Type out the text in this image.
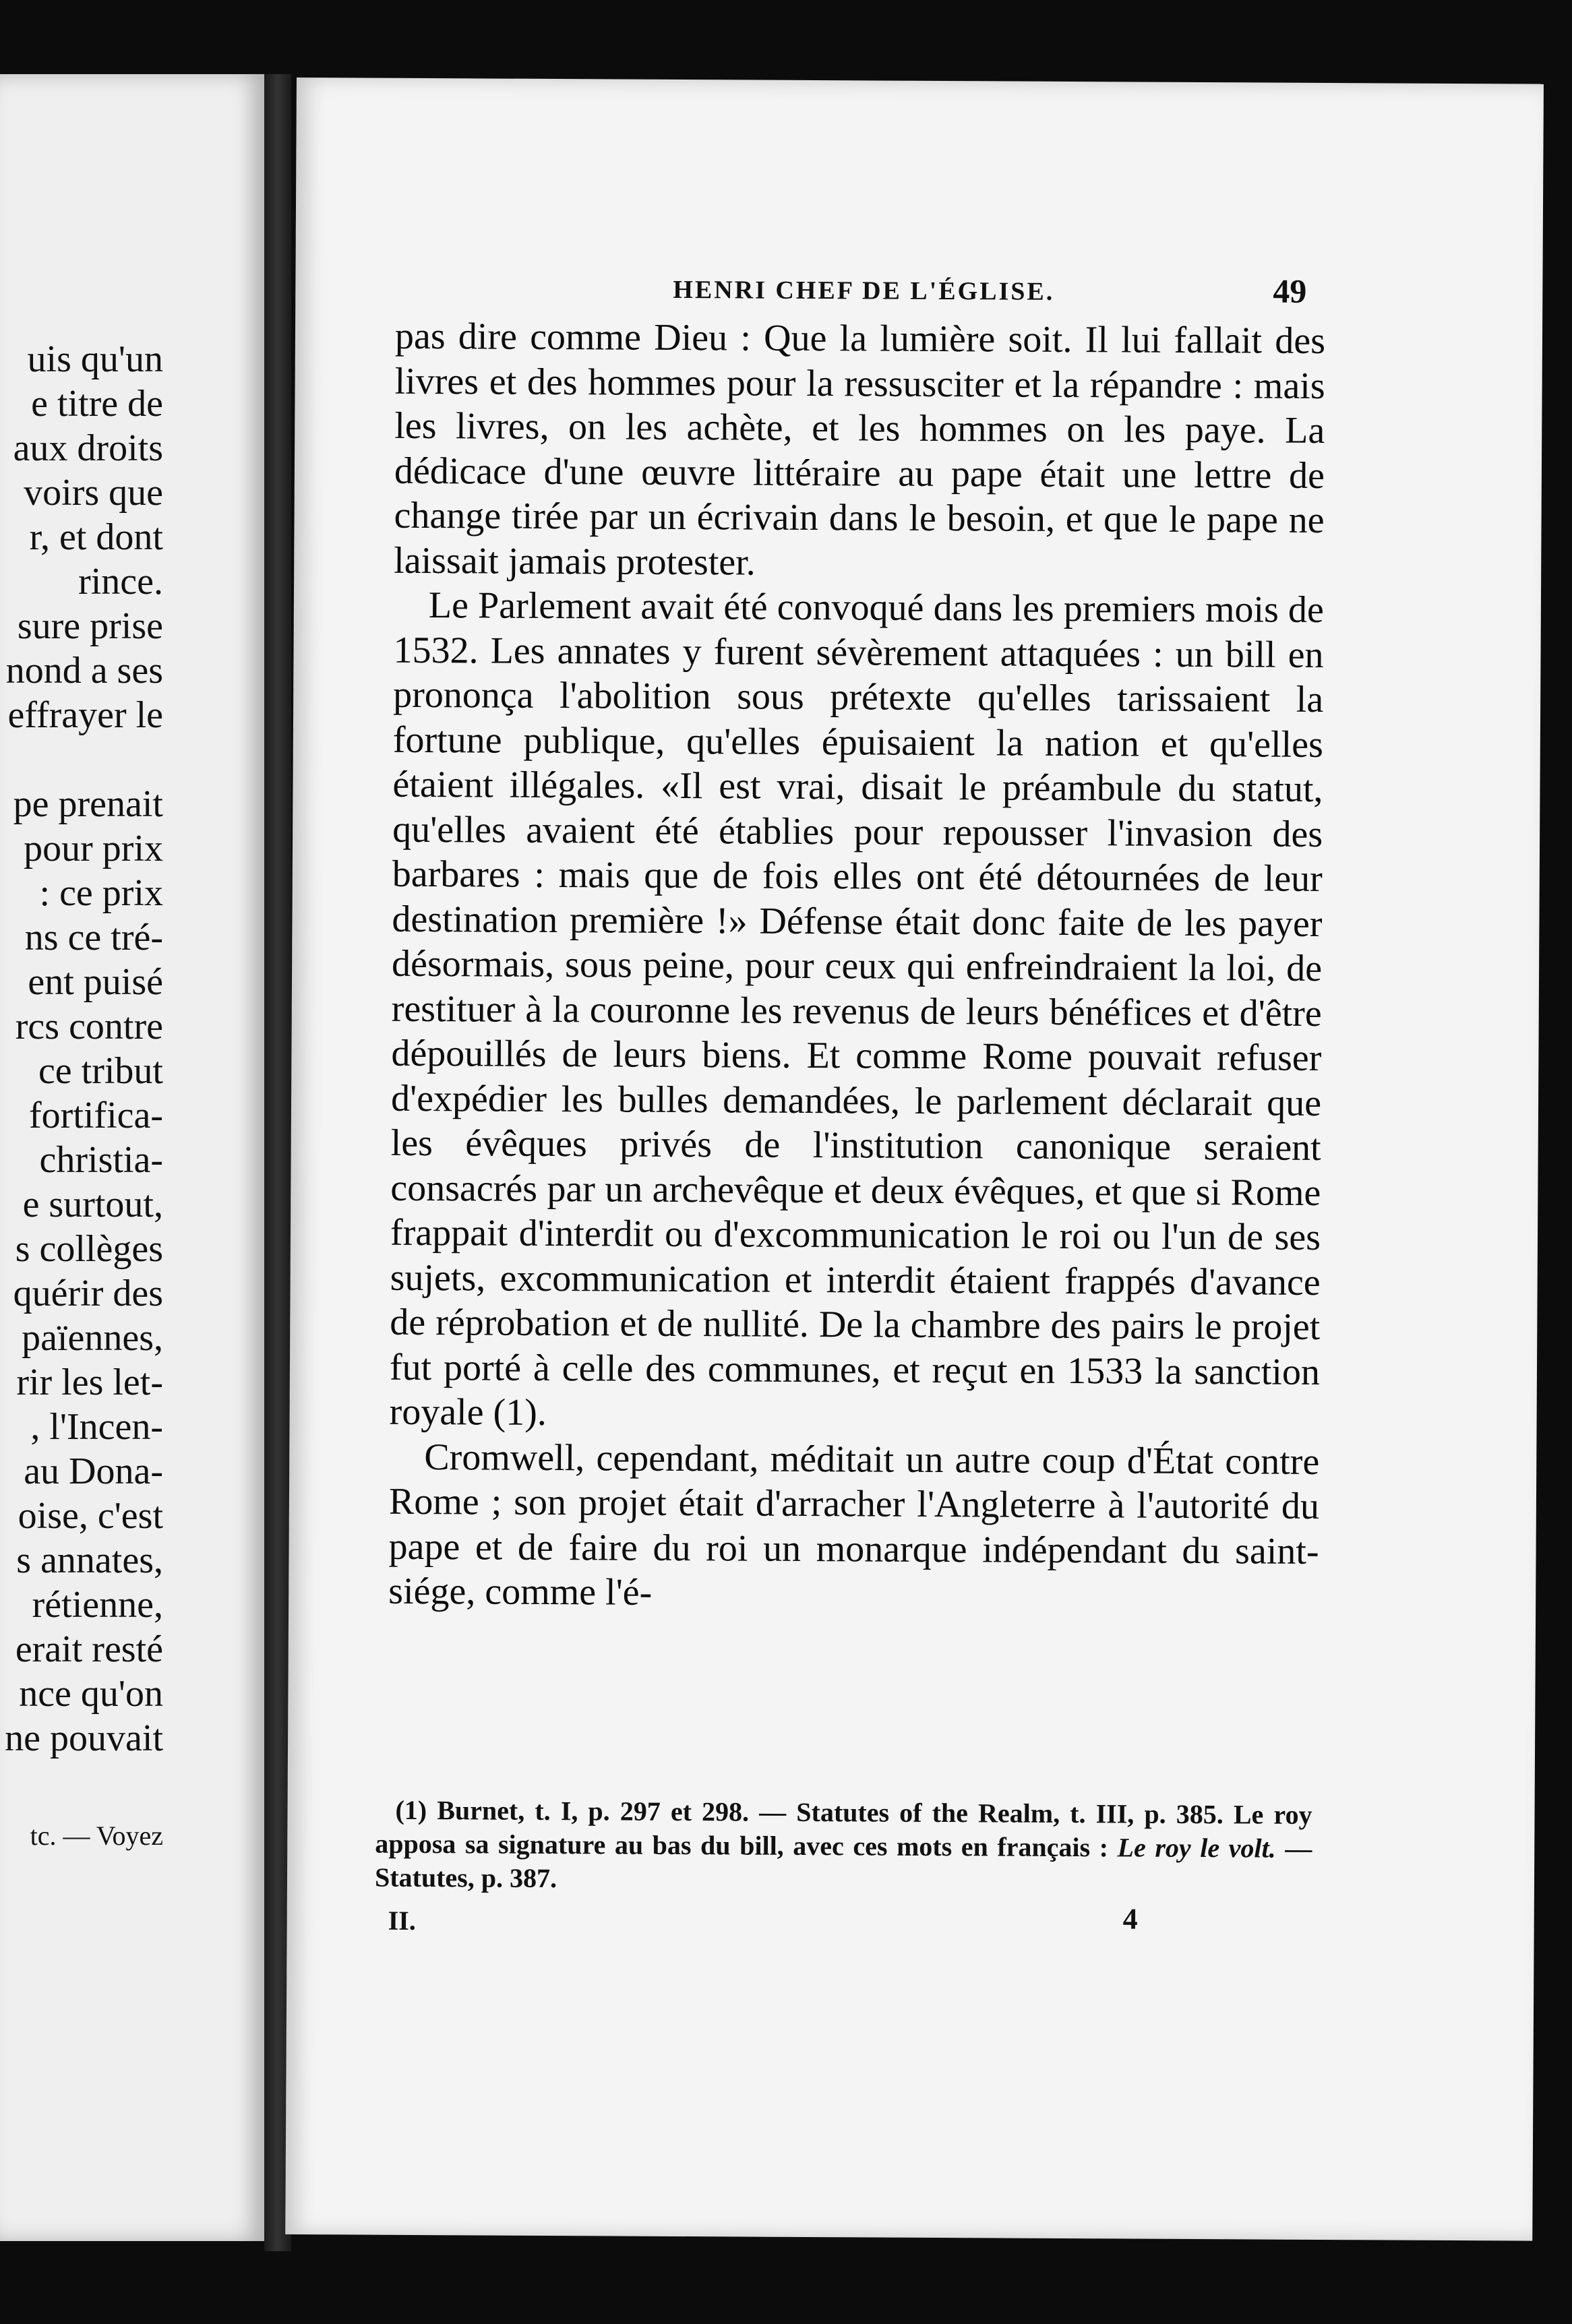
uis qu'un
e titre de
aux droits
voirs que
r, et dont
rince.
sure prise
nond a ses
effrayer le
pe prenait
pour prix
: ce prix
ns ce tré-
ent puisé
rcs contre
ce tribut
fortifica-
christia-
e surtout,
s collèges
quérir des
païennes,
rir les let-
, l'Incen-
au Dona-
oise, c'est
s annates,
rétienne,
erait resté
nce qu'on
ne pouvait
tc. — Voyez
HENRI CHEF DE L'ÉGLISE.	49

pas dire comme Dieu : Que la lumière soit. Il lui fallait des livres et des hommes pour la ressusciter et la répandre : mais les livres, on les achète, et les hommes on les paye. La dédicace d'une œuvre littéraire au pape était une lettre de change tirée par un écrivain dans le besoin, et que le pape ne laissait jamais protester.

Le Parlement avait été convoqué dans les premiers mois de 1532. Les annates y furent sévèrement attaquées : un bill en prononça l'abolition sous prétexte qu'elles tarissaient la fortune publique, qu'elles épuisaient la nation et qu'elles étaient illégales. «Il est vrai, disait le préambule du statut, qu'elles avaient été établies pour repousser l'invasion des barbares : mais que de fois elles ont été détournées de leur destination première !» Défense était donc faite de les payer désormais, sous peine, pour ceux qui enfreindraient la loi, de restituer à la couronne les revenus de leurs bénéfices et d'être dépouillés de leurs biens. Et comme Rome pouvait refuser d'expédier les bulles demandées, le parlement déclarait que les évêques privés de l'institution canonique seraient consacrés par un archevêque et deux évêques, et que si Rome frappait d'interdit ou d'excommunication le roi ou l'un de ses sujets, excommunication et interdit étaient frappés d'avance de réprobation et de nullité. De la chambre des pairs le projet fut porté à celle des communes, et reçut en 1533 la sanction royale (1).

Cromwell, cependant, méditait un autre coup d'État contre Rome ; son projet était d'arracher l'Angleterre à l'autorité du pape et de faire du roi un monarque indépendant du saint-siége, comme l'é-

(1) Burnet, t. I, p. 297 et 298. — Statutes of the Realm, t. III, p. 385. Le roy apposa sa signature au bas du bill, avec ces mots en français : Le roy le volt. — Statutes, p. 387.
II.	4
